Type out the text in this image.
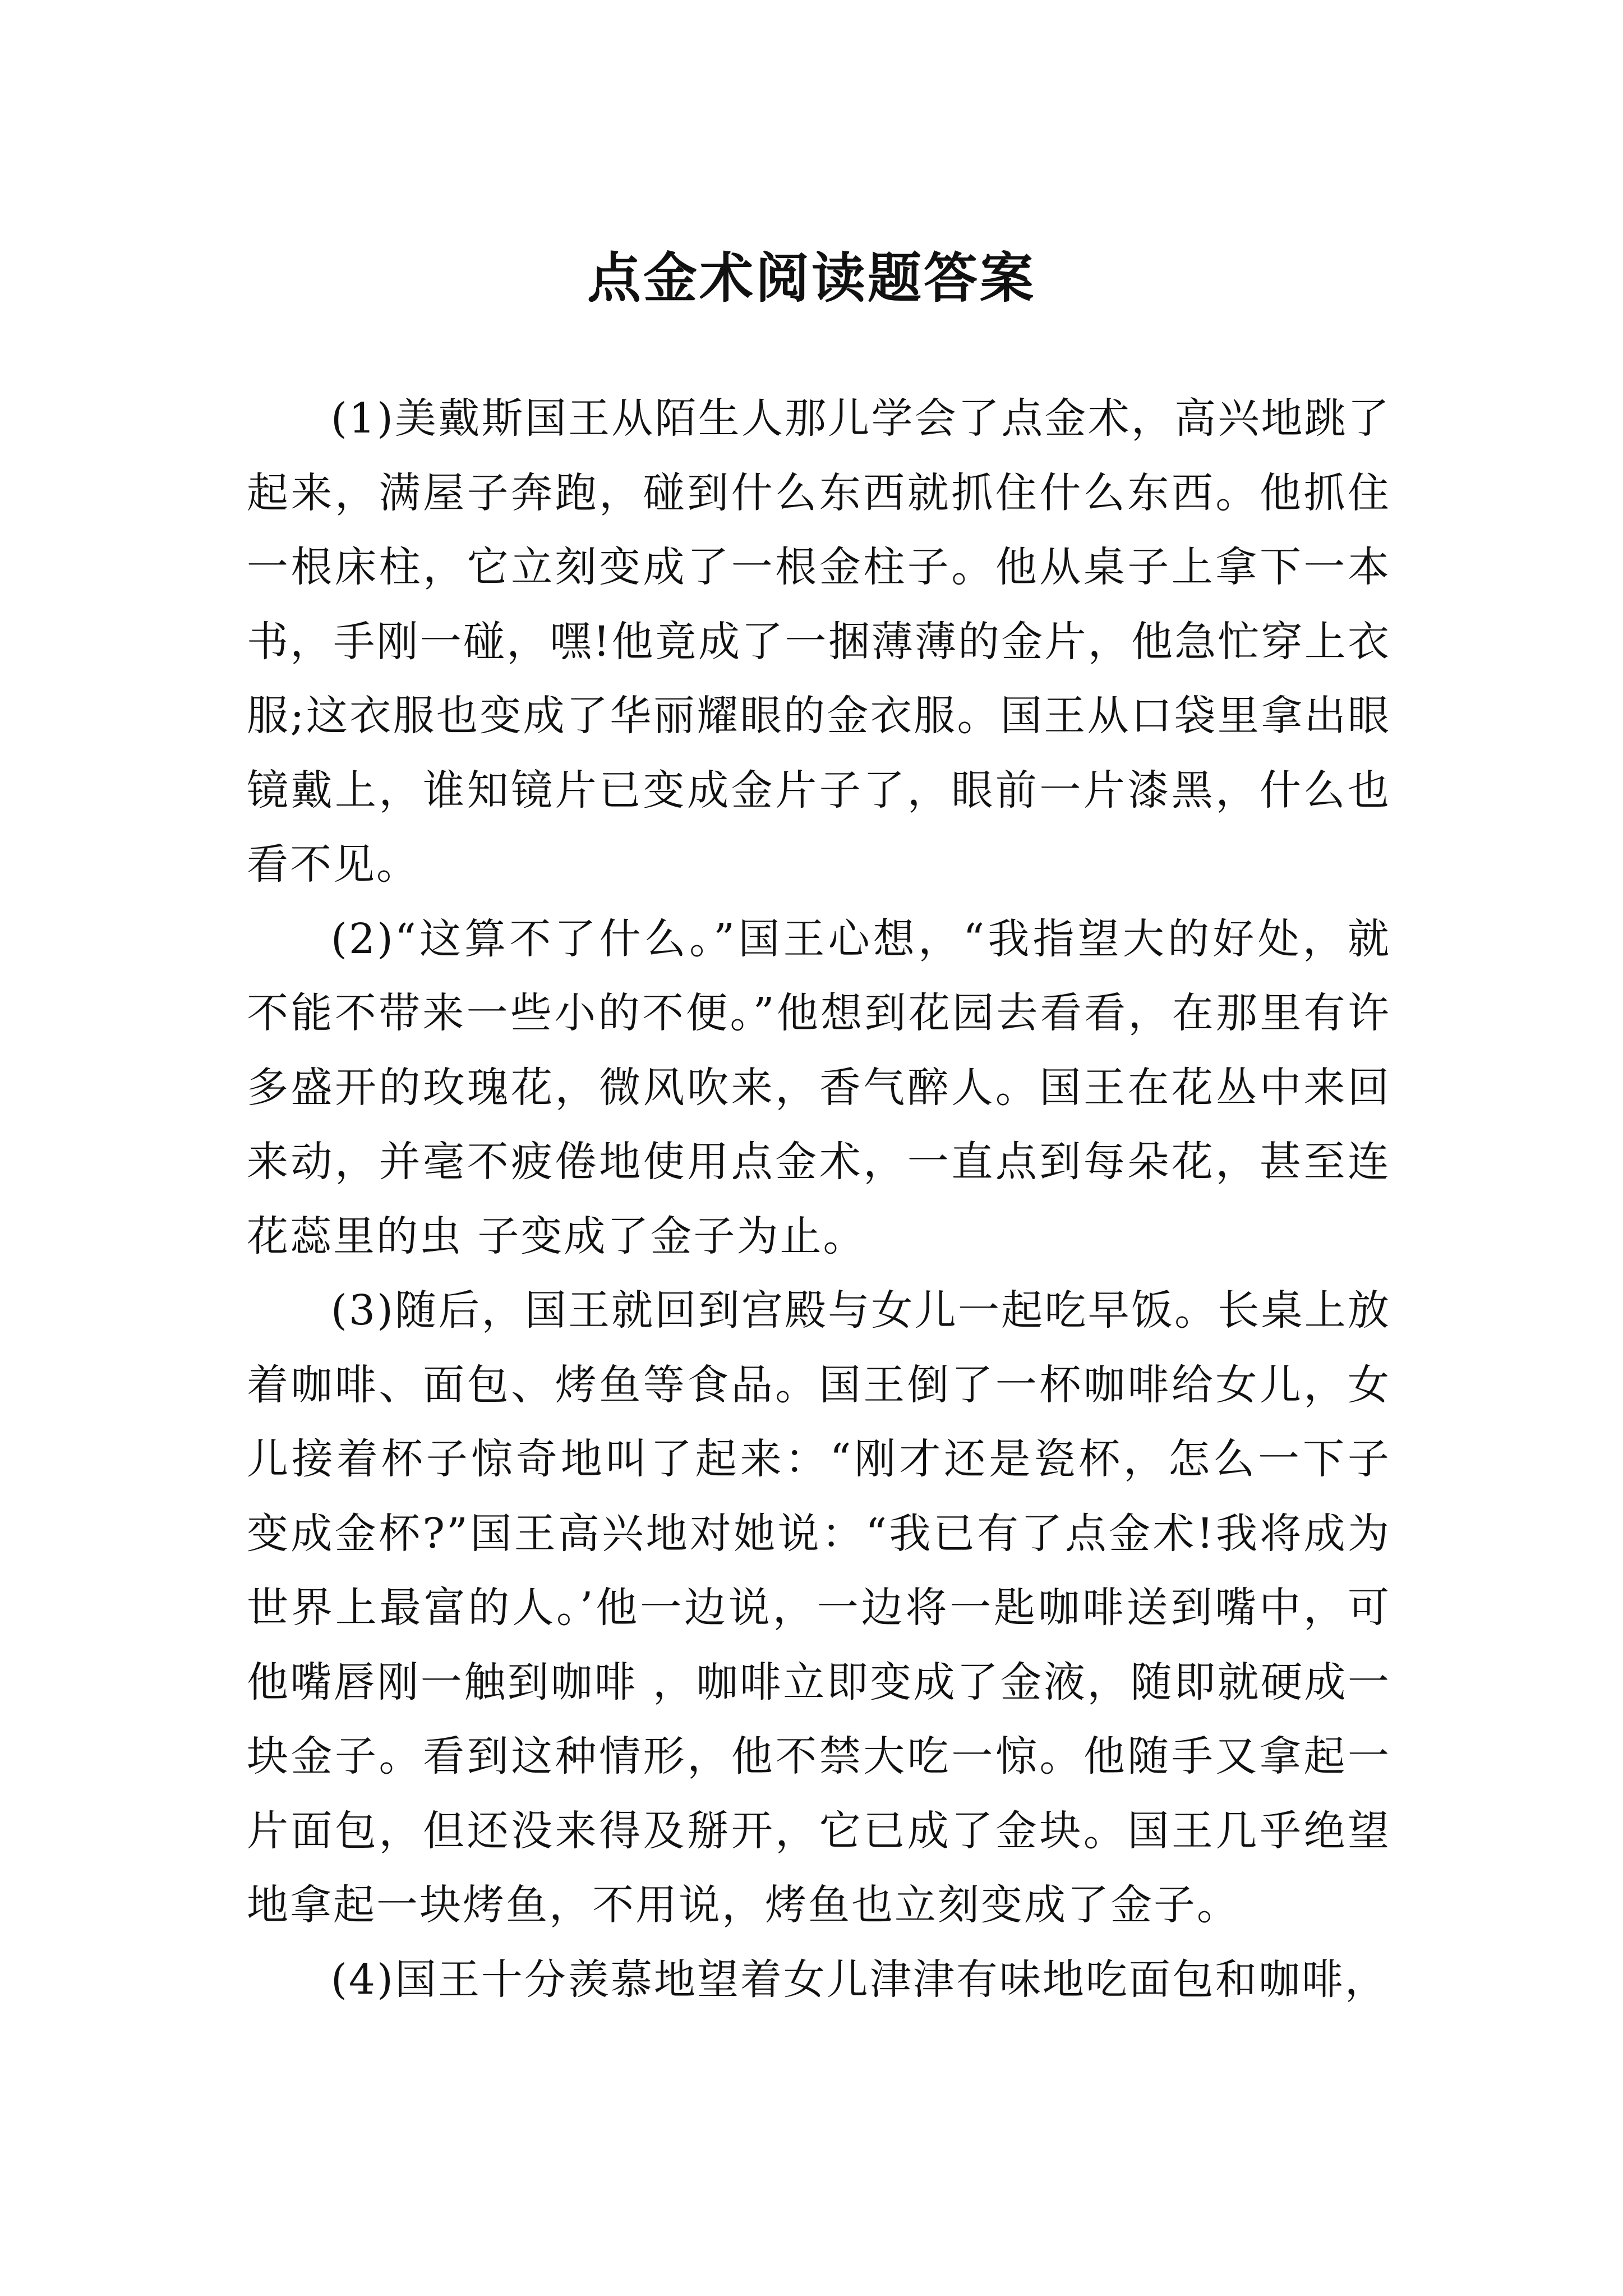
点金术阅读题答案

(1)美戴斯国王从陌生人那儿学会了点金术，高兴地跳了起来，满屋子奔跑，碰到什么东西就抓住什么东西。他抓住一根床柱，它立刻变成了一根金柱子。他从桌子上拿下一本书，手刚一碰，嘿!他竟成了一捆薄薄的金片，他急忙穿上衣服;这衣服也变成了华丽耀眼的金衣服。国王从口袋里拿出眼镜戴上，谁知镜片已变成金片子了，眼前一片漆黑，什么也看不见。

(2)“这算不了什么。”国王心想，“我指望大的好处，就不能不带来一些小的不便。”他想到花园去看看，在那里有许多盛开的玫瑰花，微风吹来，香气醉人。国王在花丛中来回来动，并毫不疲倦地使用点金术，一直点到每朵花，甚至连花蕊里的虫 子变成了金子为止。

(3)随后，国王就回到宫殿与女儿一起吃早饭。长桌上放着咖啡、面包、烤鱼等食品。国王倒了一杯咖啡给女儿，女儿接着杯子惊奇地叫了起来：“刚才还是瓷杯，怎么一下子变成金杯?”国王高兴地对她说：“我已有了点金术!我将成为世界上最富的人。’他一边说，一边将一匙咖啡送到嘴中，可他嘴唇刚一触到咖啡 ，咖啡立即变成了金液，随即就硬成一块金子。看到这种情形，他不禁大吃一惊。他随手又拿起一片面包，但还没来得及掰开，它已成了金块。国王几乎绝望地拿起一块烤鱼，不用说，烤鱼也立刻变成了金子。

(4)国王十分羡慕地望着女儿津津有味地吃面包和咖啡，
